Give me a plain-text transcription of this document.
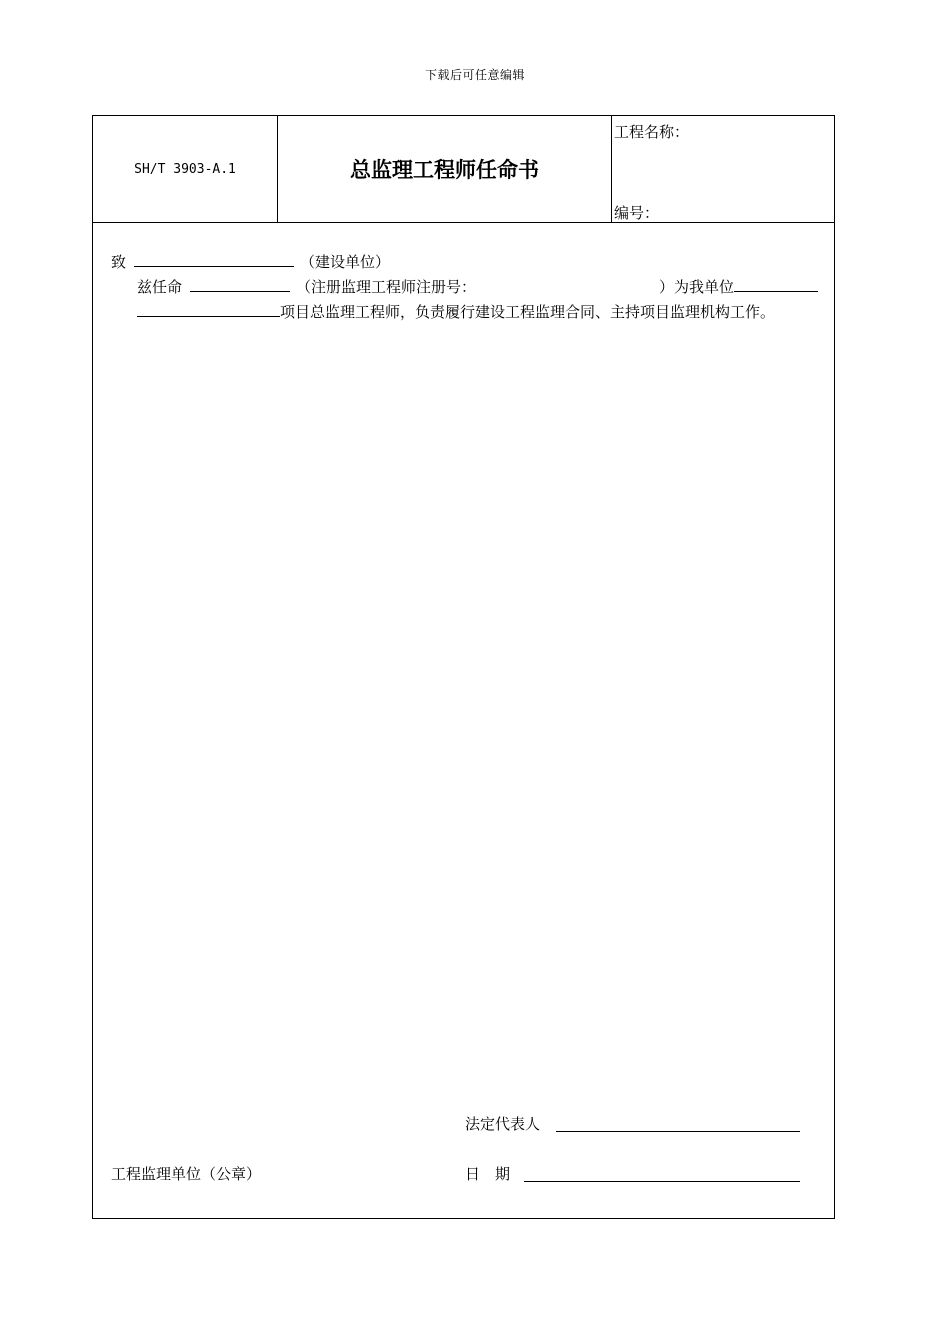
下载后可任意编辑
SH/T 3903-A.1	总监理工程师任命书
工程名称：
编号：
致	（建设单位）
兹任命	（注册监理工程师注册号：	）为我单位
项目总监理工程师，负责履行建设工程监理合同、主持项目监理机构工作。
法定代表人
工程监理单位（公章）	日　期
